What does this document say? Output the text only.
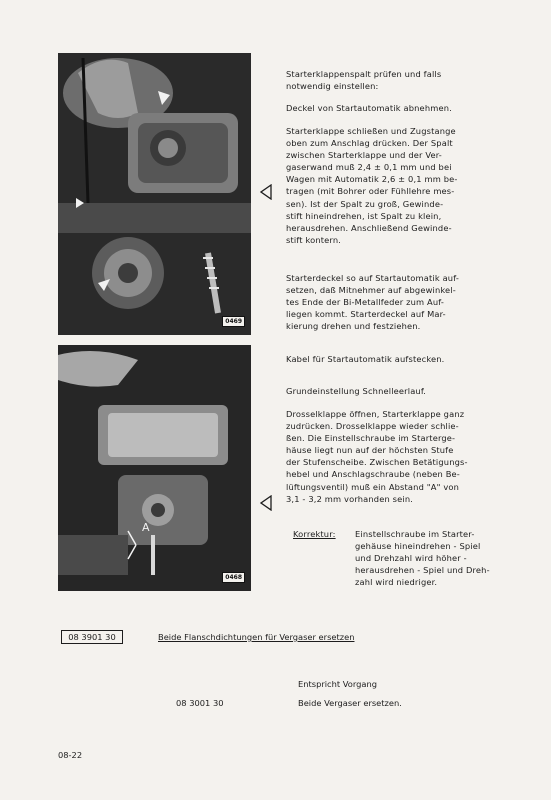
0469
A
0468

Starterklappenspalt prüfen und falls

notwendig einstellen:

Deckel von Startautomatik abnehmen.

Starterklappe schließen und Zugstange

oben zum Anschlag drücken. Der Spalt

zwischen Starterklappe und der Ver-

gaserwand muß 2,4 ± 0,1 mm und bei

Wagen mit Automatik 2,6 ± 0,1 mm be-

tragen (mit Bohrer oder Fühllehre mes-

sen). Ist der Spalt zu groß, Gewinde-

stift hineindrehen, ist Spalt zu klein,

herausdrehen. Anschließend Gewinde-

stift kontern.

Starterdeckel so auf Startautomatik auf-

setzen, daß Mitnehmer auf abgewinkel-

tes Ende der Bi-Metallfeder zum Auf-

liegen kommt. Starterdeckel auf Mar-

kierung drehen und festziehen.

Kabel für Startautomatik aufstecken.

Grundeinstellung Schnelleerlauf.

Drosselklappe öffnen, Starterklappe ganz

zudrücken. Drosselklappe wieder schlie-

ßen. Die Einstellschraube im Starterge-

häuse liegt nun auf der höchsten Stufe

der Stufenscheibe. Zwischen Betätigungs-

hebel und Anschlagschraube (neben Be-

lüftungsventil) muß ein Abstand "A" von

3,1 - 3,2 mm vorhanden sein.

Korrektur: Einstellschraube im Starter-

gehäuse hineindrehen - Spiel

und Drehzahl wird höher -

herausdrehen - Spiel und Dreh-

zahl wird niedriger.

08 3901 30	Beide Flanschdichtungen für Vergaser ersetzen
Entspricht Vorgang
08 3001 30	Beide Vergaser ersetzen.
08-22
